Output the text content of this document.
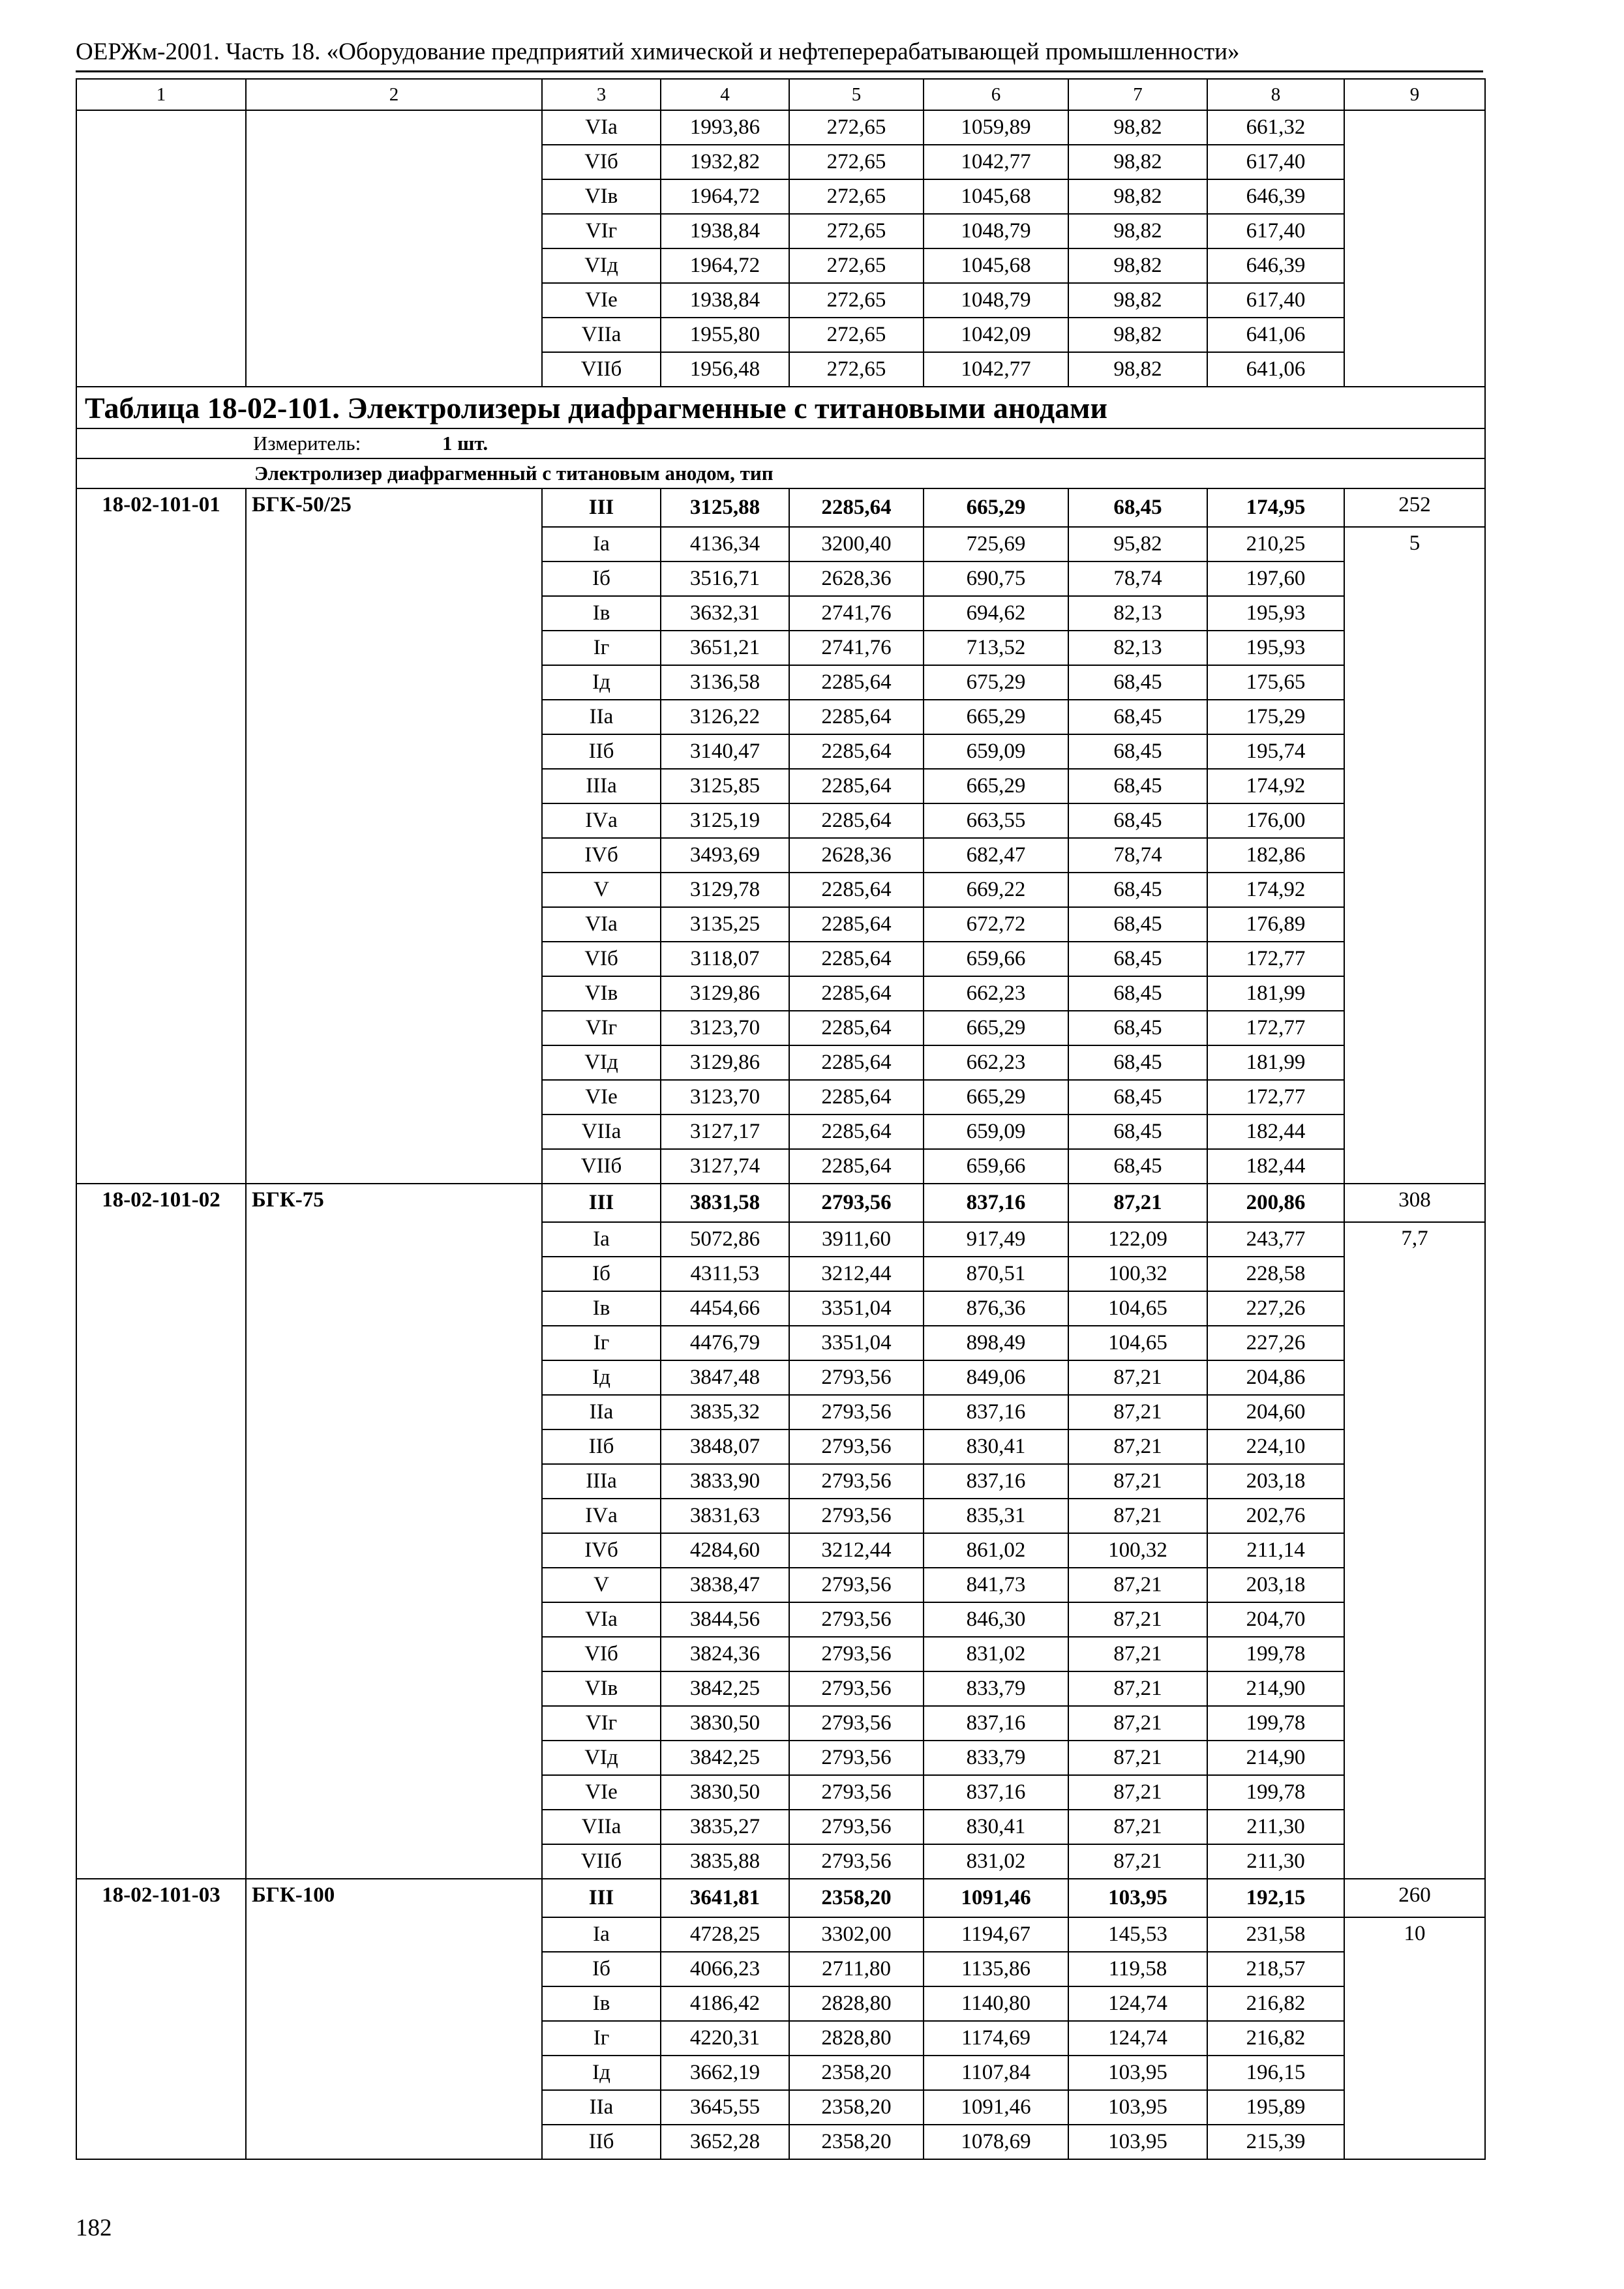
ОЕРЖм-2001. Часть 18. «Оборудование предприятий химической и нефтеперерабатывающей промышленности»
1	2	3	4	5	6	7	8	9
		VIа	1993,86	272,65	1059,89	98,82	661,32	
		VIб	1932,82	272,65	1042,77	98,82	617,40	
		VIв	1964,72	272,65	1045,68	98,82	646,39	
		VIг	1938,84	272,65	1048,79	98,82	617,40	
		VIд	1964,72	272,65	1045,68	98,82	646,39	
		VIе	1938,84	272,65	1048,79	98,82	617,40	
		VIIа	1955,80	272,65	1042,09	98,82	641,06	
		VIIб	1956,48	272,65	1042,77	98,82	641,06	
Таблица 18-02-101. Электролизеры диафрагменные с титановыми анодами								
Измеритель: 1 шт.								
Электролизер диафрагменный с титановым анодом, тип								
18-02-101-01	БГК-50/25	III	3125,88	2285,64	665,29	68,45	174,95	252
		Iа	4136,34	3200,40	725,69	95,82	210,25	5
		Iб	3516,71	2628,36	690,75	78,74	197,60	
		Iв	3632,31	2741,76	694,62	82,13	195,93	
		Iг	3651,21	2741,76	713,52	82,13	195,93	
		Iд	3136,58	2285,64	675,29	68,45	175,65	
		IIа	3126,22	2285,64	665,29	68,45	175,29	
		IIб	3140,47	2285,64	659,09	68,45	195,74	
		IIIа	3125,85	2285,64	665,29	68,45	174,92	
		IVа	3125,19	2285,64	663,55	68,45	176,00	
		IVб	3493,69	2628,36	682,47	78,74	182,86	
		V	3129,78	2285,64	669,22	68,45	174,92	
		VIа	3135,25	2285,64	672,72	68,45	176,89	
		VIб	3118,07	2285,64	659,66	68,45	172,77	
		VIв	3129,86	2285,64	662,23	68,45	181,99	
		VIг	3123,70	2285,64	665,29	68,45	172,77	
		VIд	3129,86	2285,64	662,23	68,45	181,99	
		VIе	3123,70	2285,64	665,29	68,45	172,77	
		VIIа	3127,17	2285,64	659,09	68,45	182,44	
		VIIб	3127,74	2285,64	659,66	68,45	182,44	
18-02-101-02	БГК-75	III	3831,58	2793,56	837,16	87,21	200,86	308
		Iа	5072,86	3911,60	917,49	122,09	243,77	7,7
		Iб	4311,53	3212,44	870,51	100,32	228,58	
		Iв	4454,66	3351,04	876,36	104,65	227,26	
		Iг	4476,79	3351,04	898,49	104,65	227,26	
		Iд	3847,48	2793,56	849,06	87,21	204,86	
		IIа	3835,32	2793,56	837,16	87,21	204,60	
		IIб	3848,07	2793,56	830,41	87,21	224,10	
		IIIа	3833,90	2793,56	837,16	87,21	203,18	
		IVа	3831,63	2793,56	835,31	87,21	202,76	
		IVб	4284,60	3212,44	861,02	100,32	211,14	
		V	3838,47	2793,56	841,73	87,21	203,18	
		VIа	3844,56	2793,56	846,30	87,21	204,70	
		VIб	3824,36	2793,56	831,02	87,21	199,78	
		VIв	3842,25	2793,56	833,79	87,21	214,90	
		VIг	3830,50	2793,56	837,16	87,21	199,78	
		VIд	3842,25	2793,56	833,79	87,21	214,90	
		VIе	3830,50	2793,56	837,16	87,21	199,78	
		VIIа	3835,27	2793,56	830,41	87,21	211,30	
		VIIб	3835,88	2793,56	831,02	87,21	211,30	
18-02-101-03	БГК-100	III	3641,81	2358,20	1091,46	103,95	192,15	260
		Iа	4728,25	3302,00	1194,67	145,53	231,58	10
		Iб	4066,23	2711,80	1135,86	119,58	218,57	
		Iв	4186,42	2828,80	1140,80	124,74	216,82	
		Iг	4220,31	2828,80	1174,69	124,74	216,82	
		Iд	3662,19	2358,20	1107,84	103,95	196,15	
		IIа	3645,55	2358,20	1091,46	103,95	195,89	
		IIб	3652,28	2358,20	1078,69	103,95	215,39	
182
